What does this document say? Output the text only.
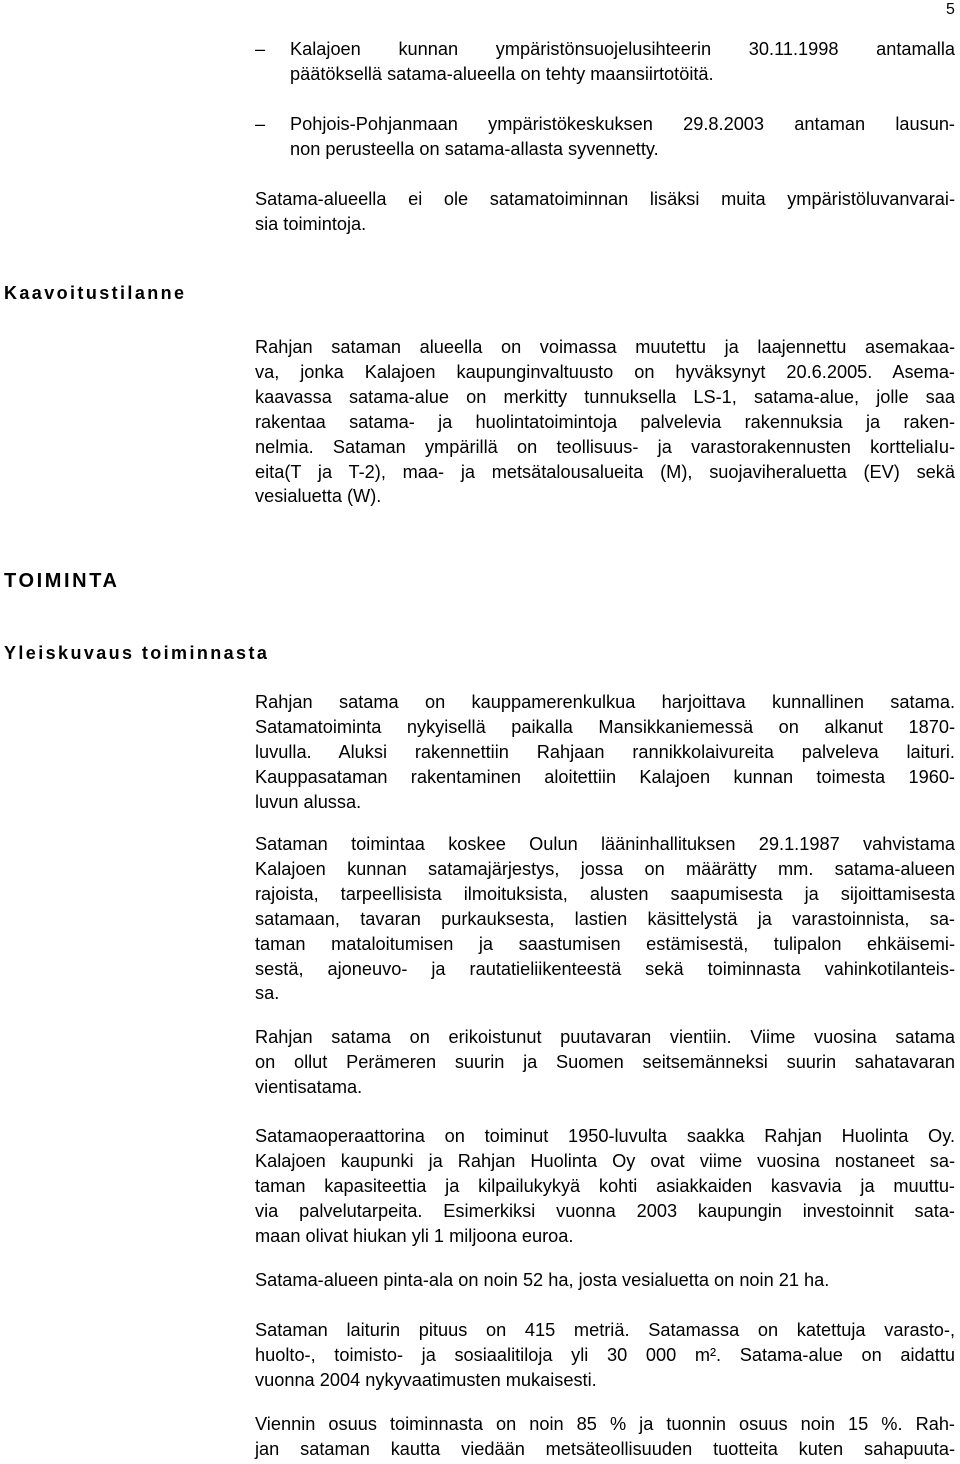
5
Kalajoen kunnan ympäristönsuojelusihteerin 30.11.1998 antamalla
päätöksellä satama-alueella on tehty maansiirtotöitä.
Pohjois-Pohjanmaan ympäristökeskuksen 29.8.2003 antaman lausun-
non perusteella on satama-allasta syvennetty.
–
–
Satama-alueella ei ole satamatoiminnan lisäksi muita ympäristöluvanvarai-
sia toimintoja.
Kaavoitustilanne
Rahjan sataman alueella on voimassa muutettu ja laajennettu asemakaa-
va, jonka Kalajoen kaupunginvaltuusto on hyväksynyt 20.6.2005. Asema-
kaavassa satama-alue on merkitty tunnuksella LS-1, satama-alue, jolle saa
rakentaa satama- ja huolintatoimintoja palvelevia rakennuksia ja raken-
nelmia. Sataman ympärillä on teollisuus- ja varastorakennusten kortteliaIu-
eita(T ja T-2), maa- ja metsätalousalueita (M), suojaviheraluetta (EV) sekä
vesialuetta (W).
TOIMINTA
Yleiskuvaus toiminnasta
Rahjan satama on kauppamerenkulkua harjoittava kunnallinen satama.
Satamatoiminta nykyisellä paikalla Mansikkaniemessä on alkanut 1870-
luvulla. Aluksi rakennettiin Rahjaan rannikkolaivureita palveleva laituri.
Kauppasataman rakentaminen aloitettiin Kalajoen kunnan toimesta 1960-
luvun alussa.
Sataman toimintaa koskee Oulun lääninhallituksen 29.1.1987 vahvistama
Kalajoen kunnan satamajärjestys, jossa on määrätty mm. satama-alueen
rajoista, tarpeellisista ilmoituksista, alusten saapumisesta ja sijoittamisesta
satamaan, tavaran purkauksesta, lastien käsittelystä ja varastoinnista, sa-
taman mataloitumisen ja saastumisen estämisestä, tulipalon ehkäisemi-
sestä, ajoneuvo- ja rautatieliikenteestä sekä toiminnasta vahinkotilanteis-
sa.
Rahjan satama on erikoistunut puutavaran vientiin. Viime vuosina satama
on ollut Perämeren suurin ja Suomen seitsemänneksi suurin sahatavaran
vientisatama.
Satamaoperaattorina on toiminut 1950-luvulta saakka Rahjan Huolinta Oy.
Kalajoen kaupunki ja Rahjan Huolinta Oy ovat viime vuosina nostaneet sa-
taman kapasiteettia ja kilpailukykyä kohti asiakkaiden kasvavia ja muuttu-
via palvelutarpeita. Esimerkiksi vuonna 2003 kaupungin investoinnit sata-
maan olivat hiukan yli 1 miljoona euroa.
Satama-alueen pinta-ala on noin 52 ha, josta vesialuetta on noin 21 ha.
Sataman laiturin pituus on 415 metriä. Satamassa on katettuja varasto-,
huolto-, toimisto- ja sosiaalitiloja yli 30 000 m². Satama-alue on aidattu
vuonna 2004 nykyvaatimusten mukaisesti.
Viennin osuus toiminnasta on noin 85 % ja tuonnin osuus noin 15 %. Rah-
jan sataman kautta viedään metsäteollisuuden tuotteita kuten sahapuuta-
